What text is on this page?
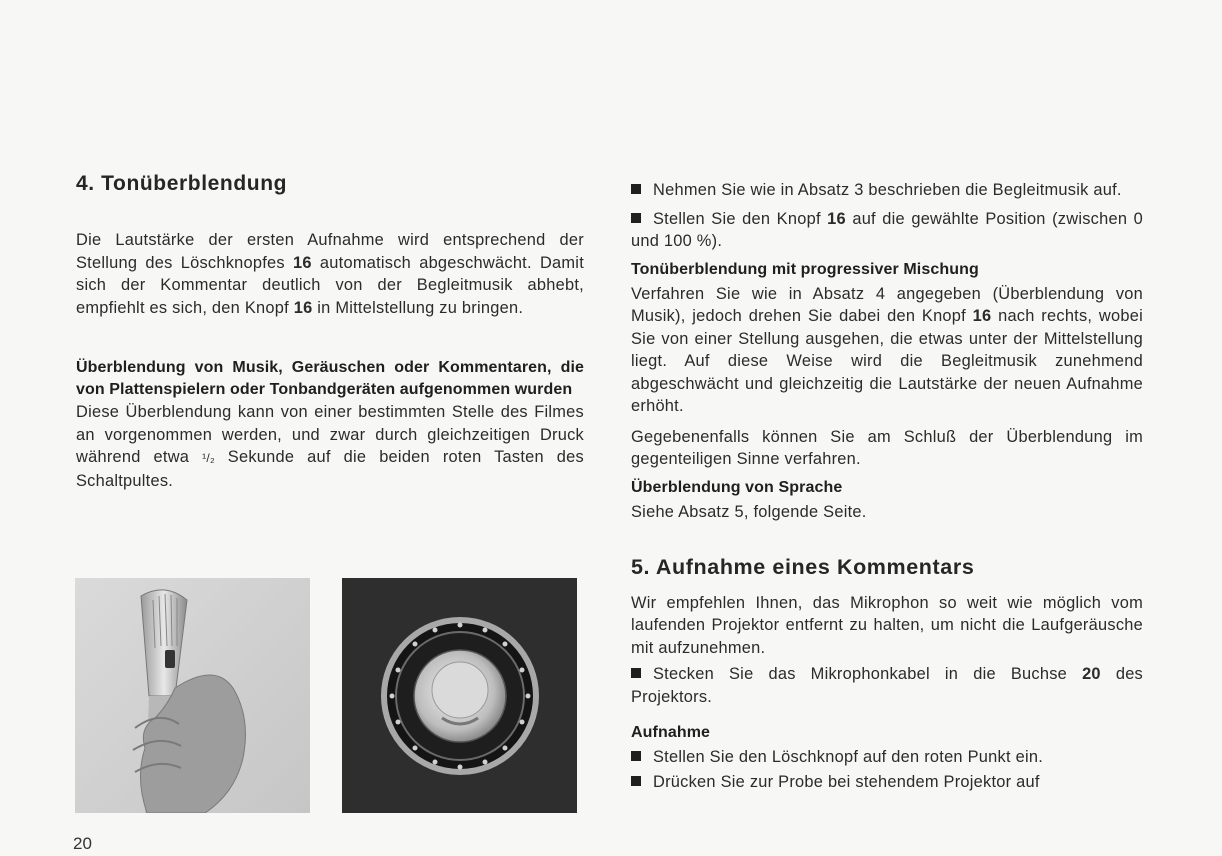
4. Tonüberblendung

Die Lautstärke der ersten Aufnahme wird entsprechend der Stellung des Löschknopfes 16 automatisch abgeschwächt. Damit sich der Kommentar deutlich von der Begleitmusik abhebt, empfiehlt es sich, den Knopf 16 in Mittelstellung zu bringen.

Überblendung von Musik, Geräuschen oder Kommentaren, die von Plattenspielern oder Tonbandgeräten aufgenommen wurden

Diese Überblendung kann von einer bestimmten Stelle des Filmes an vorgenommen werden, und zwar durch gleichzeitigen Druck während etwa ¹/₂ Sekunde auf die beiden roten Tasten des Schaltpultes.

Nehmen Sie wie in Absatz 3 beschrieben die Begleitmusik auf.

Stellen Sie den Knopf 16 auf die gewählte Position (zwischen 0 und 100 %).

Tonüberblendung mit progressiver Mischung

Verfahren Sie wie in Absatz 4 angegeben (Überblendung von Musik), jedoch drehen Sie dabei den Knopf 16 nach rechts, wobei Sie von einer Stellung ausgehen, die etwas unter der Mittelstellung liegt. Auf diese Weise wird die Begleitmusik zunehmend abgeschwächt und gleichzeitig die Lautstärke der neuen Aufnahme erhöht.

Gegebenenfalls können Sie am Schluß der Überblendung im gegenteiligen Sinne verfahren.

Überblendung von Sprache

Siehe Absatz 5, folgende Seite.

5. Aufnahme eines Kommentars

Wir empfehlen Ihnen, das Mikrophon so weit wie möglich vom laufenden Projektor entfernt zu halten, um nicht die Laufgeräusche mit aufzunehmen.

Stecken Sie das Mikrophonkabel in die Buchse 20 des Projektors.

Aufnahme

Stellen Sie den Löschknopf auf den roten Punkt ein.

Drücken Sie zur Probe bei stehendem Projektor auf

20
